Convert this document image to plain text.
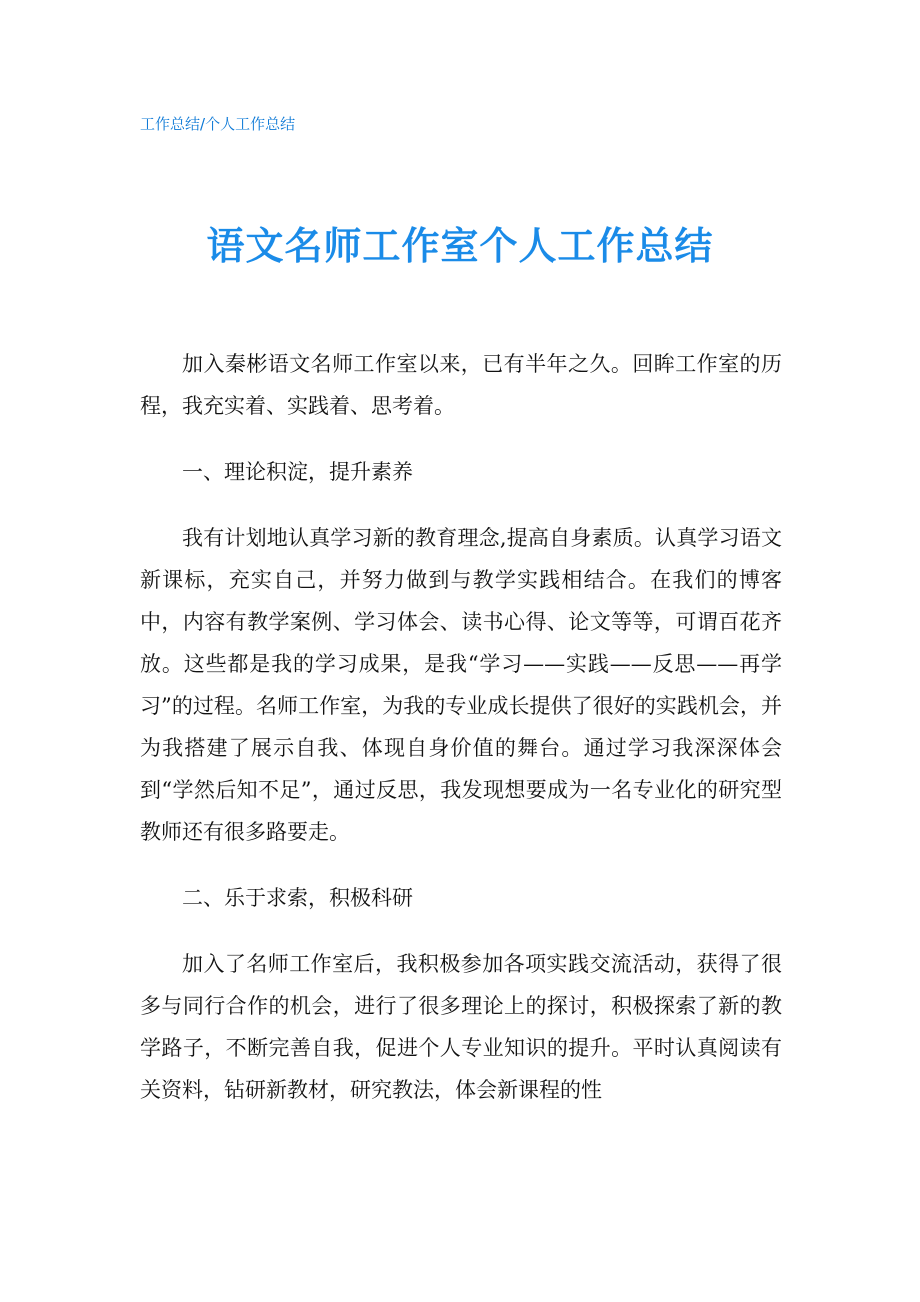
工作总结/个人工作总结
语文名师工作室个人工作总结

加入秦彬语文名师工作室以来，已有半年之久。回眸工作室的历程，我充实着、实践着、思考着。

一、理论积淀，提升素养

我有计划地认真学习新的教育理念,提高自身素质。认真学习语文新课标，充实自己，并努力做到与教学实践相结合。在我们的博客中，内容有教学案例、学习体会、读书心得、论文等等，可谓百花齐放。这些都是我的学习成果，是我“学习——实践——反思——再学习”的过程。名师工作室，为我的专业成长提供了很好的实践机会，并为我搭建了展示自我、体现自身价值的舞台。通过学习我深深体会到“学然后知不足”，通过反思，我发现想要成为一名专业化的研究型教师还有很多路要走。

二、乐于求索，积极科研

加入了名师工作室后，我积极参加各项实践交流活动，获得了很多与同行合作的机会，进行了很多理论上的探讨，积极探索了新的教学路子，不断完善自我，促进个人专业知识的提升。平时认真阅读有关资料，钻研新教材，研究教法，体会新课程的性
